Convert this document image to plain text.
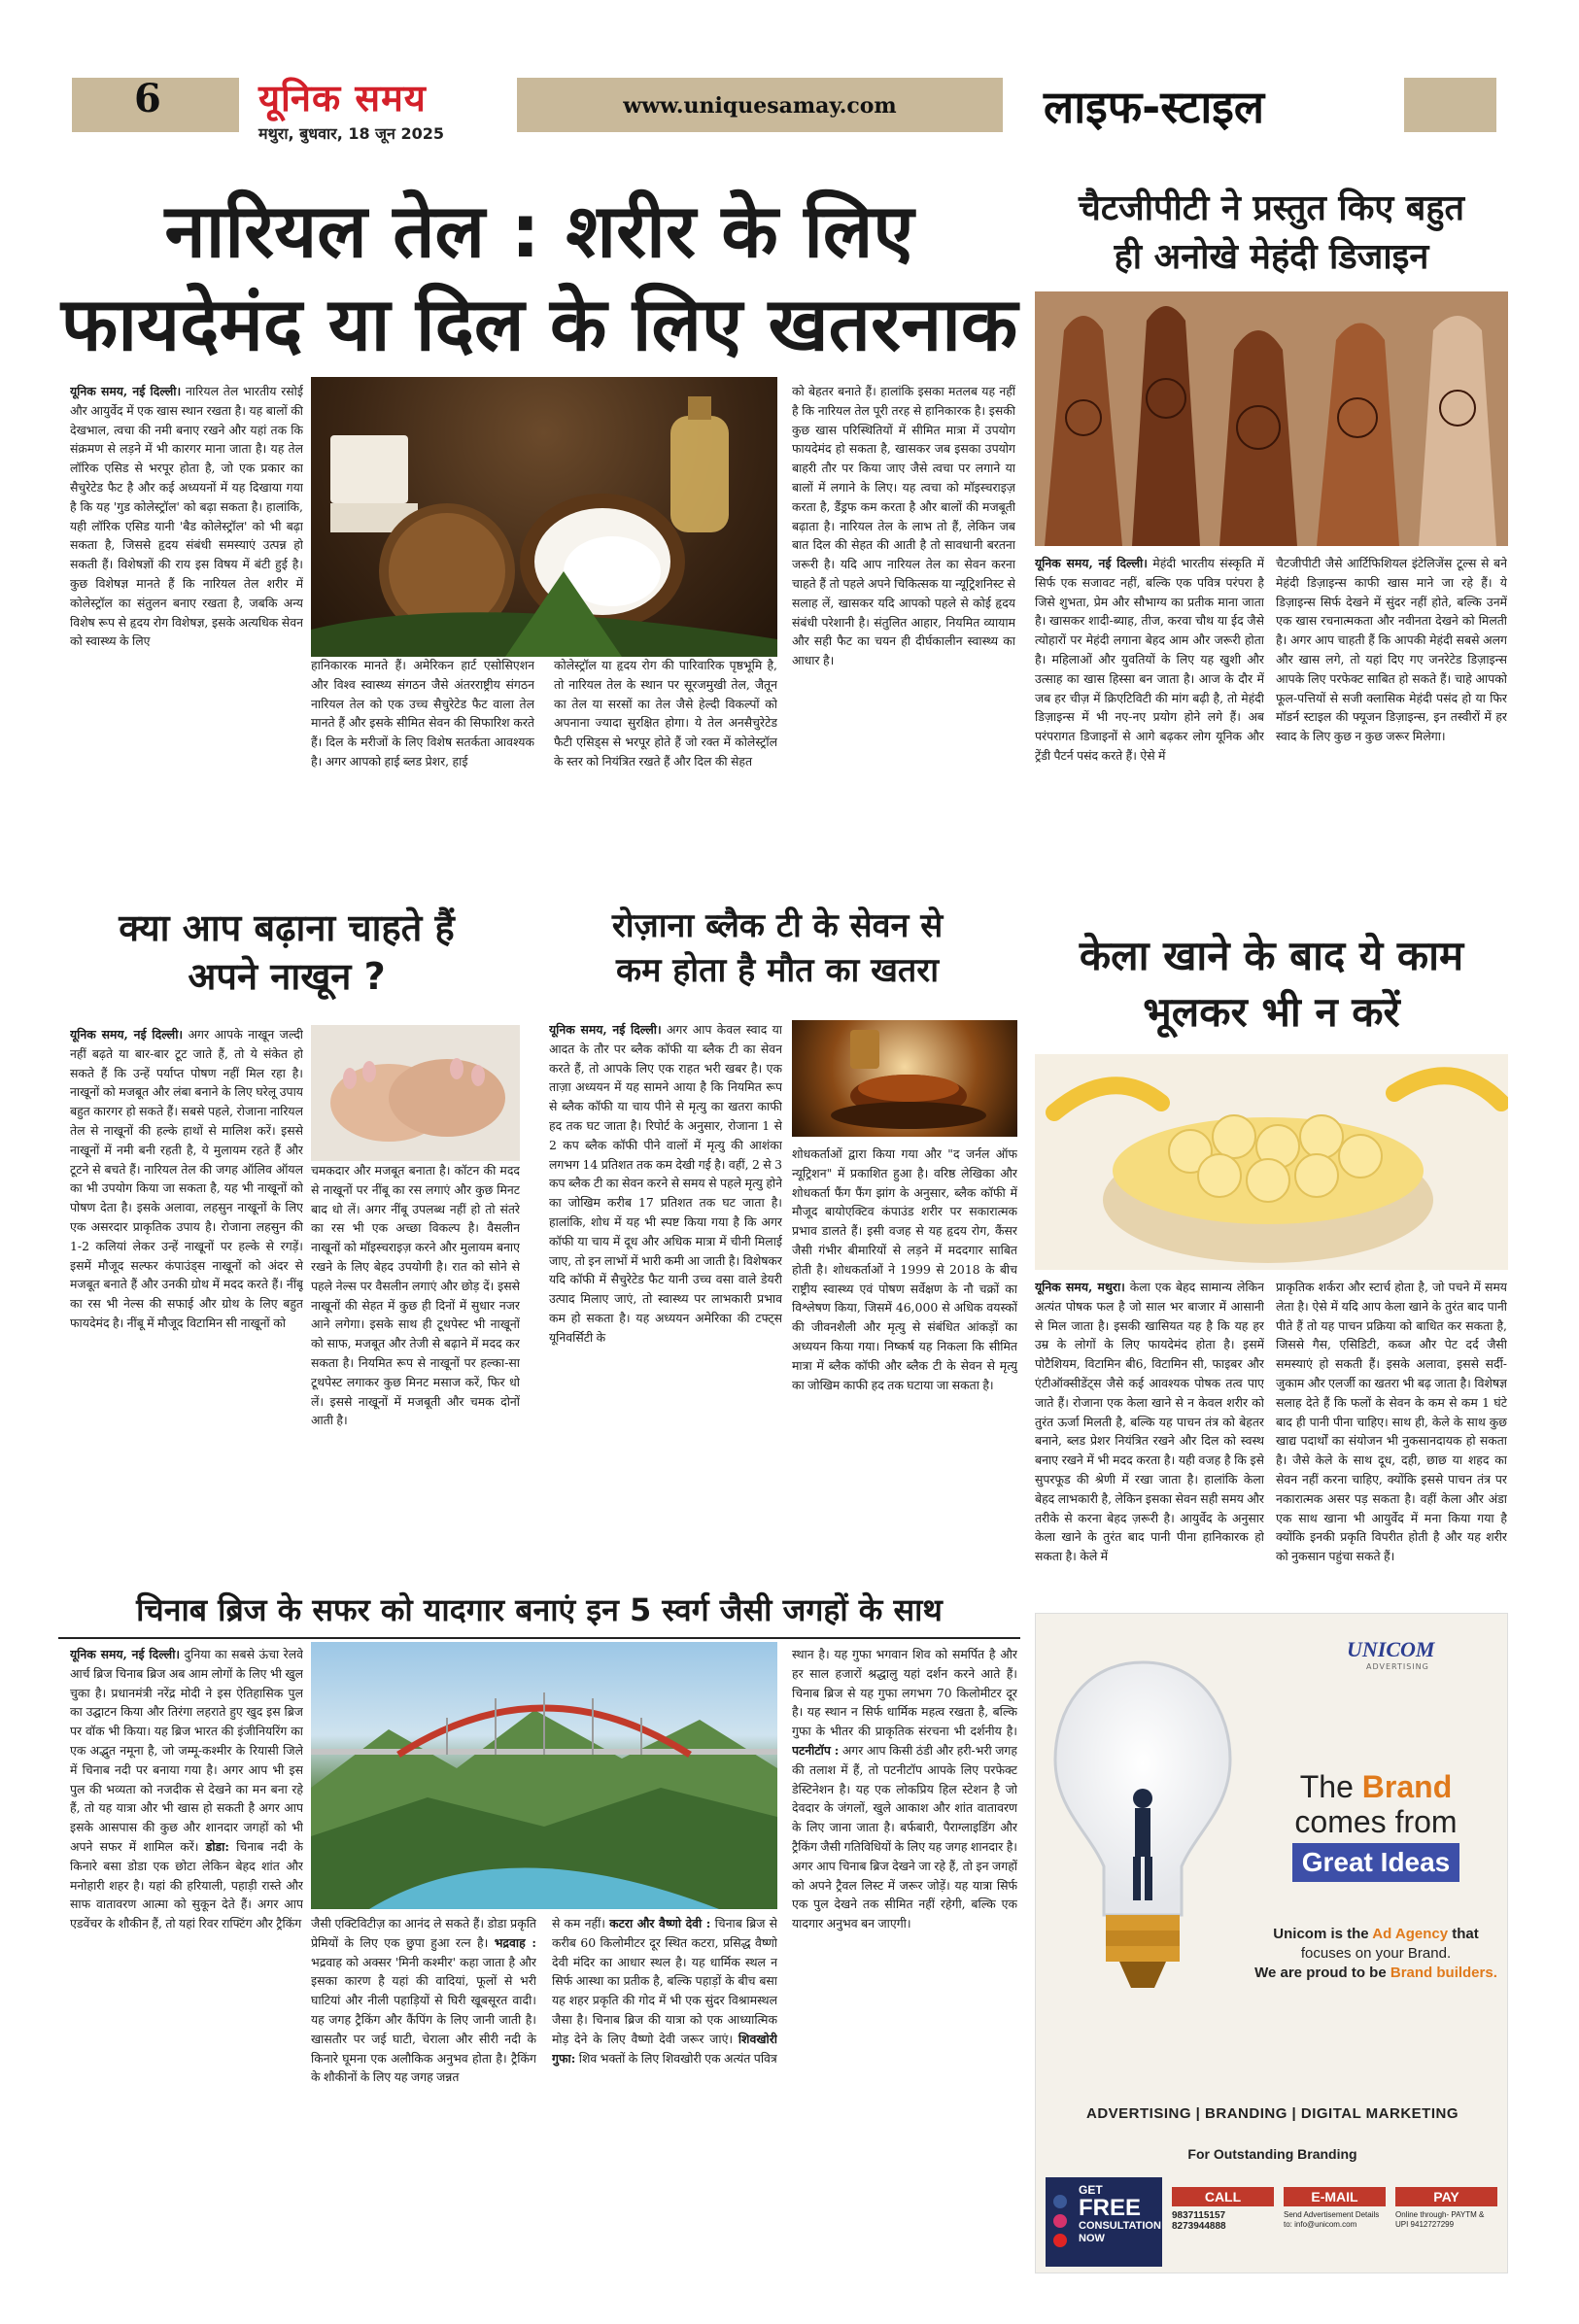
6	यूनिक समय
मथुरा, बुधवार, 18 जून 2025
www.uniquesamay.com	लाइफ-स्टाइल
नारियल तेल : शरीर के लिए
फायदेमंद या दिल के लिए खतरनाक
यूनिक समय, नई दिल्ली। नारियल तेल भारतीय रसोई और आयुर्वेद में एक खास स्थान रखता है। यह बालों की देखभाल, त्वचा की नमी बनाए रखने और यहां तक कि संक्रमण से लड़ने में भी कारगर माना जाता है। यह तेल लॉरिक एसिड से भरपूर होता है, जो एक प्रकार का सैचुरेटेड फैट है और कई अध्ययनों में यह दिखाया गया है कि यह 'गुड कोलेस्ट्रॉल' को बढ़ा सकता है। हालांकि, यही लॉरिक एसिड यानी 'बैड कोलेस्ट्रॉल' को भी बढ़ा सकता है, जिससे हृदय संबंधी समस्याएं उत्पन्न हो सकती हैं। विशेषज्ञों की राय इस विषय में बंटी हुई है। कुछ विशेषज्ञ मानते हैं कि नारियल तेल शरीर में कोलेस्ट्रॉल का संतुलन बनाए रखता है, जबकि अन्य विशेष रूप से हृदय रोग विशेषज्ञ, इसके अत्यधिक सेवन को स्वास्थ्य के लिए
हानिकारक मानते हैं। अमेरिकन हार्ट एसोसिएशन और विश्व स्वास्थ्य संगठन जैसे अंतरराष्ट्रीय संगठन नारियल तेल को एक उच्च सैचुरेटेड फैट वाला तेल मानते हैं और इसके सीमित सेवन की सिफारिश करते हैं। दिल के मरीजों के लिए विशेष सतर्कता आवश्यक है। अगर आपको हाई ब्लड प्रेशर, हाई
कोलेस्ट्रॉल या हृदय रोग की पारिवारिक पृष्ठभूमि है, तो नारियल तेल के स्थान पर सूरजमुखी तेल, जैतून का तेल या सरसों का तेल जैसे हेल्दी विकल्पों को अपनाना ज्यादा सुरक्षित होगा। ये तेल अनसैचुरेटेड फैटी एसिड्स से भरपूर होते हैं जो रक्त में कोलेस्ट्रॉल के स्तर को नियंत्रित रखते हैं और दिल की सेहत
को बेहतर बनाते हैं। हालांकि इसका मतलब यह नहीं है कि नारियल तेल पूरी तरह से हानिकारक है। इसकी कुछ खास परिस्थितियों में सीमित मात्रा में उपयोग फायदेमंद हो सकता है, खासकर जब इसका उपयोग बाहरी तौर पर किया जाए जैसे त्वचा पर लगाने या बालों में लगाने के लिए। यह त्वचा को मॉइस्चराइज़ करता है, डैंड्रफ कम करता है और बालों की मजबूती बढ़ाता है। नारियल तेल के लाभ तो हैं, लेकिन जब बात दिल की सेहत की आती है तो सावधानी बरतना जरूरी है। यदि आप नारियल तेल का सेवन करना चाहते हैं तो पहले अपने चिकित्सक या न्यूट्रिशनिस्ट से सलाह लें, खासकर यदि आपको पहले से कोई हृदय संबंधी परेशानी है। संतुलित आहार, नियमित व्यायाम और सही फैट का चयन ही दीर्घकालीन स्वास्थ्य का आधार है।
चैटजीपीटी ने प्रस्तुत किए बहुत
ही अनोखे मेहंदी डिजाइन
यूनिक समय, नई दिल्ली। मेहंदी भारतीय संस्कृति में सिर्फ एक सजावट नहीं, बल्कि एक पवित्र परंपरा है जिसे शुभता, प्रेम और सौभाग्य का प्रतीक माना जाता है। खासकर शादी-ब्याह, तीज, करवा चौथ या ईद जैसे त्योहारों पर मेहंदी लगाना बेहद आम और जरूरी होता है। महिलाओं और युवतियों के लिए यह खुशी और उत्साह का खास हिस्सा बन जाता है। आज के दौर में जब हर चीज़ में क्रिएटिविटी की मांग बढ़ी है, तो मेहंदी डिज़ाइन्स में भी नए-नए प्रयोग होने लगे हैं। अब परंपरागत डिजाइनों से आगे बढ़कर लोग यूनिक और ट्रेंडी पैटर्न पसंद करते हैं। ऐसे में
चैटजीपीटी जैसे आर्टिफिशियल इंटेलिजेंस टूल्स से बने मेहंदी डिज़ाइन्स काफी खास माने जा रहे हैं। ये डिज़ाइन्स सिर्फ देखने में सुंदर नहीं होते, बल्कि उनमें एक खास रचनात्मकता और नवीनता देखने को मिलती है। अगर आप चाहती हैं कि आपकी मेहंदी सबसे अलग और खास लगे, तो यहां दिए गए जनरेटेड डिज़ाइन्स आपके लिए परफेक्ट साबित हो सकते हैं। चाहे आपको फूल-पत्तियों से सजी क्लासिक मेहंदी पसंद हो या फिर मॉडर्न स्टाइल की फ्यूजन डिज़ाइन्स, इन तस्वीरों में हर स्वाद के लिए कुछ न कुछ जरूर मिलेगा।
क्या आप बढ़ाना चाहते हैं
अपने नाखून ?
यूनिक समय, नई दिल्ली। अगर आपके नाखून जल्दी नहीं बढ़ते या बार-बार टूट जाते हैं, तो ये संकेत हो सकते हैं कि उन्हें पर्याप्त पोषण नहीं मिल रहा है। नाखूनों को मजबूत और लंबा बनाने के लिए घरेलू उपाय बहुत कारगर हो सकते हैं। सबसे पहले, रोजाना नारियल तेल से नाखूनों की हल्के हाथों से मालिश करें। इससे नाखूनों में नमी बनी रहती है, ये मुलायम रहते हैं और टूटने से बचते हैं। नारियल तेल की जगह ऑलिव ऑयल का भी उपयोग किया जा सकता है, यह भी नाखूनों को पोषण देता है। इसके अलावा, लहसुन नाखूनों के लिए एक असरदार प्राकृतिक उपाय है। रोजाना लहसुन की 1-2 कलियां लेकर उन्हें नाखूनों पर हल्के से रगड़ें। इसमें मौजूद सल्फर कंपाउंड्स नाखूनों को अंदर से मजबूत बनाते हैं और उनकी ग्रोथ में मदद करते हैं। नींबू का रस भी नेल्स की सफाई और ग्रोथ के लिए बहुत फायदेमंद है। नींबू में मौजूद विटामिन सी नाखूनों को
चमकदार और मजबूत बनाता है। कॉटन की मदद से नाखूनों पर नींबू का रस लगाएं और कुछ मिनट बाद धो लें। अगर नींबू उपलब्ध नहीं हो तो संतरे का रस भी एक अच्छा विकल्प है। वैसलीन नाखूनों को मॉइस्चराइज़ करने और मुलायम बनाए रखने के लिए बेहद उपयोगी है। रात को सोने से पहले नेल्स पर वैसलीन लगाएं और छोड़ दें। इससे नाखूनों की सेहत में कुछ ही दिनों में सुधार नजर आने लगेगा। इसके साथ ही टूथपेस्ट भी नाखूनों को साफ, मजबूत और तेजी से बढ़ाने में मदद कर सकता है। नियमित रूप से नाखूनों पर हल्का-सा टूथपेस्ट लगाकर कुछ मिनट मसाज करें, फिर धो लें। इससे नाखूनों में मजबूती और चमक दोनों आती है।
रोज़ाना ब्लैक टी के सेवन से
कम होता है मौत का खतरा
यूनिक समय, नई दिल्ली। अगर आप केवल स्वाद या आदत के तौर पर ब्लैक कॉफी या ब्लैक टी का सेवन करते हैं, तो आपके लिए एक राहत भरी खबर है। एक ताज़ा अध्ययन में यह सामने आया है कि नियमित रूप से ब्लैक कॉफी या चाय पीने से मृत्यु का खतरा काफी हद तक घट जाता है। रिपोर्ट के अनुसार, रोजाना 1 से 2 कप ब्लैक कॉफी पीने वालों में मृत्यु की आशंका लगभग 14 प्रतिशत तक कम देखी गई है। वहीं, 2 से 3 कप ब्लैक टी का सेवन करने से समय से पहले मृत्यु होने का जोखिम करीब 17 प्रतिशत तक घट जाता है। हालांकि, शोध में यह भी स्पष्ट किया गया है कि अगर कॉफी या चाय में दूध और अधिक मात्रा में चीनी मिलाई जाए, तो इन लाभों में भारी कमी आ जाती है। विशेषकर यदि कॉफी में सैचुरेटेड फैट यानी उच्च वसा वाले डेयरी उत्पाद मिलाए जाएं, तो स्वास्थ्य पर लाभकारी प्रभाव कम हो सकता है। यह अध्ययन अमेरिका की टफ्ट्स यूनिवर्सिटी के
शोधकर्ताओं द्वारा किया गया और "द जर्नल ऑफ न्यूट्रिशन" में प्रकाशित हुआ है। वरिष्ठ लेखिका और शोधकर्ता फैंग फैंग झांग के अनुसार, ब्लैक कॉफी में मौजूद बायोएक्टिव कंपाउंड शरीर पर सकारात्मक प्रभाव डालते हैं। इसी वजह से यह हृदय रोग, कैंसर जैसी गंभीर बीमारियों से लड़ने में मददगार साबित होती है। शोधकर्ताओं ने 1999 से 2018 के बीच राष्ट्रीय स्वास्थ्य एवं पोषण सर्वेक्षण के नौ चक्रों का विश्लेषण किया, जिसमें 46,000 से अधिक वयस्कों की जीवनशैली और मृत्यु से संबंधित आंकड़ों का अध्ययन किया गया। निष्कर्ष यह निकला कि सीमित मात्रा में ब्लैक कॉफी और ब्लैक टी के सेवन से मृत्यु का जोखिम काफी हद तक घटाया जा सकता है।
केला खाने के बाद ये काम
भूलकर भी न करें
यूनिक समय, मथुरा। केला एक बेहद सामान्य लेकिन अत्यंत पोषक फल है जो साल भर बाजार में आसानी से मिल जाता है। इसकी खासियत यह है कि यह हर उम्र के लोगों के लिए फायदेमंद होता है। इसमें पोटैशियम, विटामिन बी6, विटामिन सी, फाइबर और एंटीऑक्सीडेंट्स जैसे कई आवश्यक पोषक तत्व पाए जाते हैं। रोजाना एक केला खाने से न केवल शरीर को तुरंत ऊर्जा मिलती है, बल्कि यह पाचन तंत्र को बेहतर बनाने, ब्लड प्रेशर नियंत्रित रखने और दिल को स्वस्थ बनाए रखने में भी मदद करता है। यही वजह है कि इसे सुपरफूड की श्रेणी में रखा जाता है। हालांकि केला बेहद लाभकारी है, लेकिन इसका सेवन सही समय और तरीके से करना बेहद ज़रूरी है। आयुर्वेद के अनुसार केला खाने के तुरंत बाद पानी पीना हानिकारक हो सकता है। केले में
प्राकृतिक शर्करा और स्टार्च होता है, जो पचने में समय लेता है। ऐसे में यदि आप केला खाने के तुरंत बाद पानी पीते हैं तो यह पाचन प्रक्रिया को बाधित कर सकता है, जिससे गैस, एसिडिटी, कब्ज और पेट दर्द जैसी समस्याएं हो सकती हैं। इसके अलावा, इससे सर्दी-जुकाम और एलर्जी का खतरा भी बढ़ जाता है। विशेषज्ञ सलाह देते हैं कि फलों के सेवन के कम से कम 1 घंटे बाद ही पानी पीना चाहिए। साथ ही, केले के साथ कुछ खाद्य पदार्थों का संयोजन भी नुकसानदायक हो सकता है। जैसे केले के साथ दूध, दही, छाछ या शहद का सेवन नहीं करना चाहिए, क्योंकि इससे पाचन तंत्र पर नकारात्मक असर पड़ सकता है। वहीं केला और अंडा एक साथ खाना भी आयुर्वेद में मना किया गया है क्योंकि इनकी प्रकृति विपरीत होती है और यह शरीर को नुकसान पहुंचा सकते हैं।
चिनाब ब्रिज के सफर को यादगार बनाएं इन 5 स्वर्ग जैसी जगहों के साथ
यूनिक समय, नई दिल्ली। दुनिया का सबसे ऊंचा रेलवे आर्च ब्रिज चिनाब ब्रिज अब आम लोगों के लिए भी खुल चुका है। प्रधानमंत्री नरेंद्र मोदी ने इस ऐतिहासिक पुल का उद्घाटन किया और तिरंगा लहराते हुए खुद इस ब्रिज पर वॉक भी किया। यह ब्रिज भारत की इंजीनियरिंग का एक अद्भुत नमूना है, जो जम्मू-कश्मीर के रियासी जिले में चिनाब नदी पर बनाया गया है। अगर आप भी इस पुल की भव्यता को नजदीक से देखने का मन बना रहे हैं, तो यह यात्रा और भी खास हो सकती है अगर आप इसके आसपास की कुछ और शानदार जगहों को भी अपने सफर में शामिल करें। डोडा: चिनाब नदी के किनारे बसा डोडा एक छोटा लेकिन बेहद शांत और मनोहारी शहर है। यहां की हरियाली, पहाड़ी रास्ते और साफ वातावरण आत्मा को सुकून देते हैं। अगर आप एडवेंचर के शौकीन हैं, तो यहां रिवर राफ्टिंग और ट्रैकिंग जैसी एक्टिविटीज़ का आनंद ले सकते हैं। डोडा प्रकृति प्रेमियों के लिए एक छुपा हुआ रत्न है। भद्रवाह : भद्रवाह को अक्सर 'मिनी कश्मीर' कहा जाता है और इसका कारण है यहां की वादियां, फूलों से भरी घाटियां और नीली पहाड़ियों से घिरी खूबसूरत वादी। यह जगह ट्रैकिंग और कैंपिंग के लिए जानी जाती है। खासतौर पर जई घाटी, चेराला और सीरी नदी के किनारे घूमना एक अलौकिक अनुभव होता है। ट्रैकिंग के शौकीनों के लिए यह जगह जन्नत
से कम नहीं। कटरा और वैष्णो देवी : चिनाब ब्रिज से करीब 60 किलोमीटर दूर स्थित कटरा, प्रसिद्ध वैष्णो देवी मंदिर का आधार स्थल है। यह धार्मिक स्थल न सिर्फ आस्था का प्रतीक है, बल्कि पहाड़ों के बीच बसा यह शहर प्रकृति की गोद में भी एक सुंदर विश्रामस्थल जैसा है। चिनाब ब्रिज की यात्रा को एक आध्यात्मिक मोड़ देने के लिए वैष्णो देवी जरूर जाएं। शिवखोरी गुफा: शिव भक्तों के लिए शिवखोरी एक अत्यंत पवित्र
स्थान है। यह गुफा भगवान शिव को समर्पित है और हर साल हजारों श्रद्धालु यहां दर्शन करने आते हैं। चिनाब ब्रिज से यह गुफा लगभग 70 किलोमीटर दूर है। यह स्थान न सिर्फ धार्मिक महत्व रखता है, बल्कि गुफा के भीतर की प्राकृतिक संरचना भी दर्शनीय है। पटनीटॉप : अगर आप किसी ठंडी और हरी-भरी जगह की तलाश में हैं, तो पटनीटॉप आपके लिए परफेक्ट डेस्टिनेशन है। यह एक लोकप्रिय हिल स्टेशन है जो देवदार के जंगलों, खुले आकाश और शांत वातावरण के लिए जाना जाता है। बर्फबारी, पैराग्लाइडिंग और ट्रैकिंग जैसी गतिविधियों के लिए यह जगह शानदार है। अगर आप चिनाब ब्रिज देखने जा रहे हैं, तो इन जगहों को अपने ट्रैवल लिस्ट में जरूर जोड़ें। यह यात्रा सिर्फ एक पुल देखने तक सीमित नहीं रहेगी, बल्कि एक यादगार अनुभव बन जाएगी।
UNICOM
ADVERTISING
The Brand
comes from
Great Ideas
Unicom is the Ad Agency that
focuses on your Brand.
We are proud to be Brand builders.
ADVERTISING | BRANDING | DIGITAL MARKETING
For Outstanding Branding
GET
FREE
CONSULTATION NOW
CALL
9837115157
8273944888
E-MAIL
Send Advertisement Details to: info@unicom.com
PAY
Online through- PAYTM & UPI 9412727299
